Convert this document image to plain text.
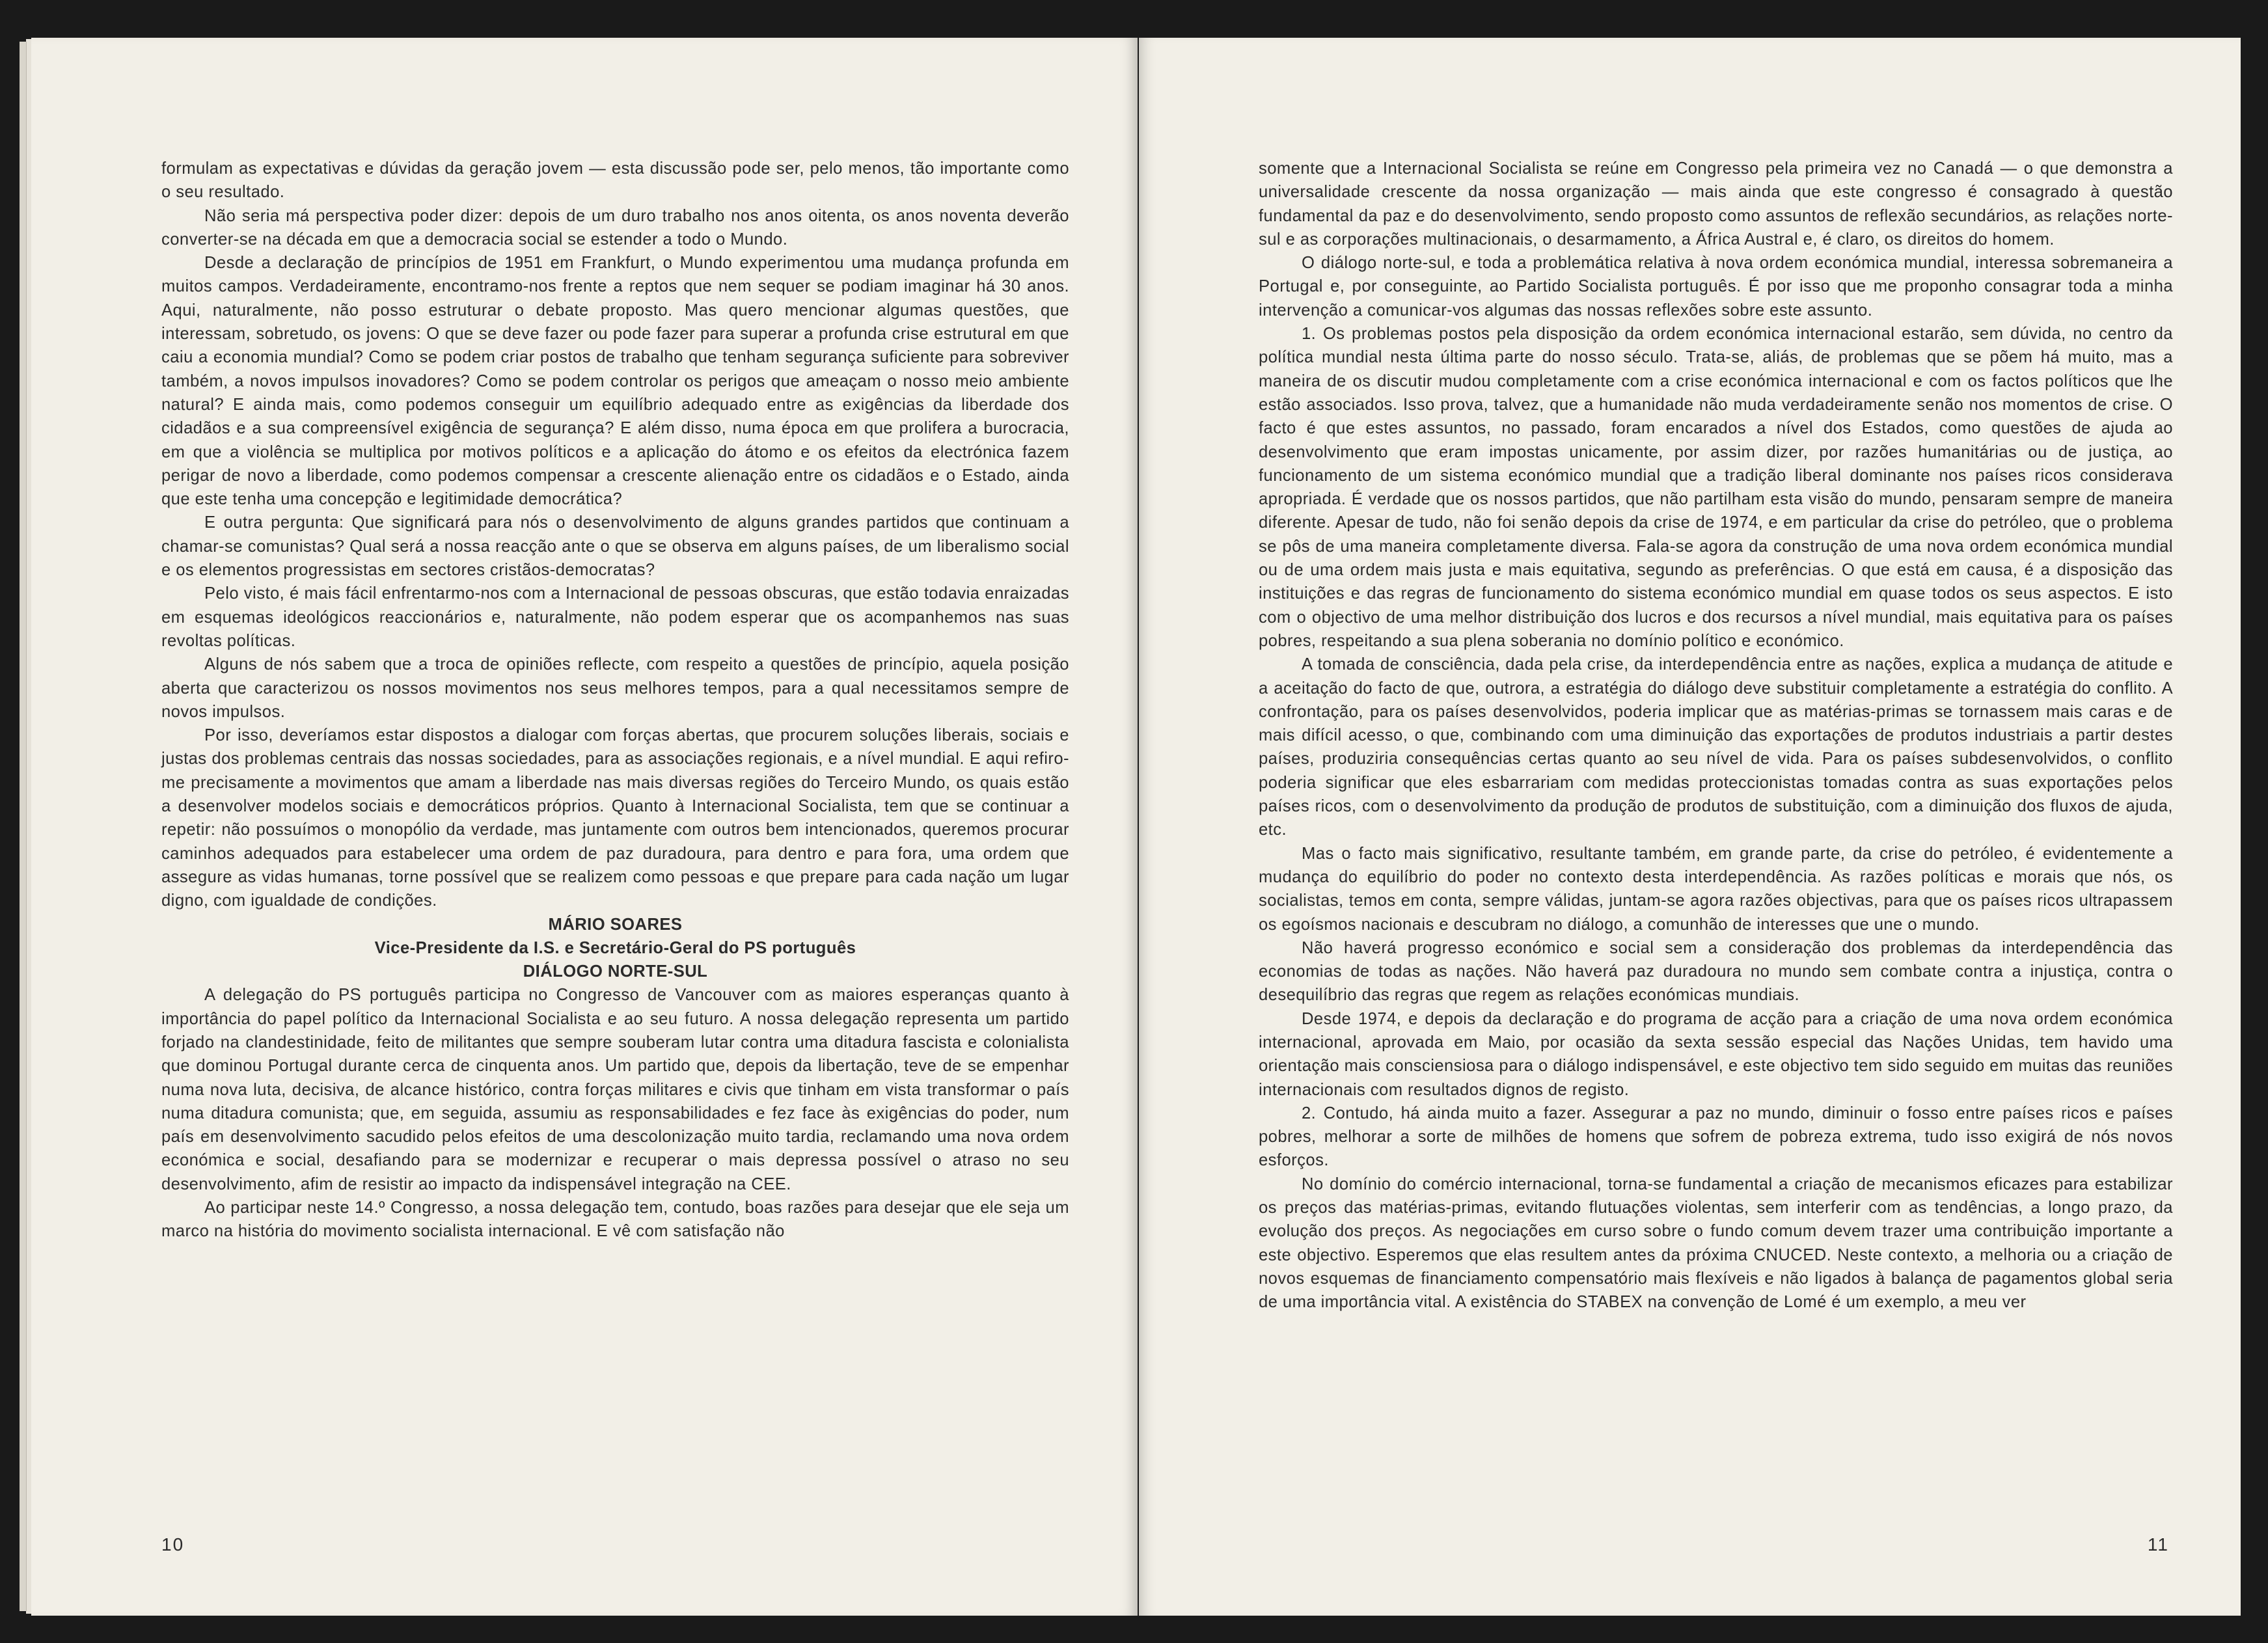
formulam as expectativas e dúvidas da geração jovem — esta discussão pode ser, pelo menos, tão importante como o seu resultado.

Não seria má perspectiva poder dizer: depois de um duro trabalho nos anos oitenta, os anos noventa deverão converter-se na década em que a democracia social se estender a todo o Mundo.

Desde a declaração de princípios de 1951 em Frankfurt, o Mundo experimentou uma mudança profunda em muitos campos. Verdadeiramente, encontramo-nos frente a reptos que nem sequer se podiam imaginar há 30 anos. Aqui, naturalmente, não posso estruturar o debate proposto. Mas quero mencionar algumas questões, que interessam, sobretudo, os jovens: O que se deve fazer ou pode fazer para superar a profunda crise estrutural em que caiu a economia mundial? Como se podem criar postos de trabalho que tenham segurança suficiente para sobreviver também, a novos impulsos inovadores? Como se podem controlar os perigos que ameaçam o nosso meio ambiente natural? E ainda mais, como podemos conseguir um equilíbrio adequado entre as exigências da liberdade dos cidadãos e a sua compreensível exigência de segurança? E além disso, numa época em que prolifera a burocracia, em que a violência se multiplica por motivos políticos e a aplicação do átomo e os efeitos da electrónica fazem perigar de novo a liberdade, como podemos compensar a crescente alienação entre os cidadãos e o Estado, ainda que este tenha uma concepção e legitimidade democrática?

E outra pergunta: Que significará para nós o desenvolvimento de alguns grandes partidos que continuam a chamar-se comunistas? Qual será a nossa reacção ante o que se observa em alguns países, de um liberalismo social e os elementos progressistas em sectores cristãos-democratas?

Pelo visto, é mais fácil enfrentarmo-nos com a Internacional de pessoas obscuras, que estão todavia enraizadas em esquemas ideológicos reaccionários e, naturalmente, não podem esperar que os acompanhemos nas suas revoltas políticas.

Alguns de nós sabem que a troca de opiniões reflecte, com respeito a questões de princípio, aquela posição aberta que caracterizou os nossos movimentos nos seus melhores tempos, para a qual necessitamos sempre de novos impulsos.

Por isso, deveríamos estar dispostos a dialogar com forças abertas, que procurem soluções liberais, sociais e justas dos problemas centrais das nossas sociedades, para as associações regionais, e a nível mundial. E aqui refiro-me precisamente a movimentos que amam a liberdade nas mais diversas regiões do Terceiro Mundo, os quais estão a desenvolver modelos sociais e democráticos próprios. Quanto à Internacional Socialista, tem que se continuar a repetir: não possuímos o monopólio da verdade, mas juntamente com outros bem intencionados, queremos procurar caminhos adequados para estabelecer uma ordem de paz duradoura, para dentro e para fora, uma ordem que assegure as vidas humanas, torne possível que se realizem como pessoas e que prepare para cada nação um lugar digno, com igualdade de condições.

MÁRIO SOARES

Vice-Presidente da I.S. e Secretário-Geral do PS português

DIÁLOGO NORTE-SUL

A delegação do PS português participa no Congresso de Vancouver com as maiores esperanças quanto à importância do papel político da Internacional Socialista e ao seu futuro. A nossa delegação representa um partido forjado na clandestinidade, feito de militantes que sempre souberam lutar contra uma ditadura fascista e colonialista que dominou Portugal durante cerca de cinquenta anos. Um partido que, depois da libertação, teve de se empenhar numa nova luta, decisiva, de alcance histórico, contra forças militares e civis que tinham em vista transformar o país numa ditadura comunista; que, em seguida, assumiu as responsabilidades e fez face às exigências do poder, num país em desenvolvimento sacudido pelos efeitos de uma descolonização muito tardia, reclamando uma nova ordem económica e social, desafiando para se modernizar e recuperar o mais depressa possível o atraso no seu desenvolvimento, afim de resistir ao impacto da indispensável integração na CEE.

Ao participar neste 14.º Congresso, a nossa delegação tem, contudo, boas razões para desejar que ele seja um marco na história do movimento socialista internacional. E vê com satisfação não

10

somente que a Internacional Socialista se reúne em Congresso pela primeira vez no Canadá — o que demonstra a universalidade crescente da nossa organização — mais ainda que este congresso é consagrado à questão fundamental da paz e do desenvolvimento, sendo proposto como assuntos de reflexão secundários, as relações norte-sul e as corporações multinacionais, o desarmamento, a África Austral e, é claro, os direitos do homem.

O diálogo norte-sul, e toda a problemática relativa à nova ordem económica mundial, interessa sobremaneira a Portugal e, por conseguinte, ao Partido Socialista português. É por isso que me proponho consagrar toda a minha intervenção a comunicar-vos algumas das nossas reflexões sobre este assunto.

1. Os problemas postos pela disposição da ordem económica internacional estarão, sem dúvida, no centro da política mundial nesta última parte do nosso século. Trata-se, aliás, de problemas que se põem há muito, mas a maneira de os discutir mudou completamente com a crise económica internacional e com os factos políticos que lhe estão associados. Isso prova, talvez, que a humanidade não muda verdadeiramente senão nos momentos de crise. O facto é que estes assuntos, no passado, foram encarados a nível dos Estados, como questões de ajuda ao desenvolvimento que eram impostas unicamente, por assim dizer, por razões humanitárias ou de justiça, ao funcionamento de um sistema económico mundial que a tradição liberal dominante nos países ricos considerava apropriada. É verdade que os nossos partidos, que não partilham esta visão do mundo, pensaram sempre de maneira diferente. Apesar de tudo, não foi senão depois da crise de 1974, e em particular da crise do petróleo, que o problema se pôs de uma maneira completamente diversa. Fala-se agora da construção de uma nova ordem económica mundial ou de uma ordem mais justa e mais equitativa, segundo as preferências. O que está em causa, é a disposição das instituições e das regras de funcionamento do sistema económico mundial em quase todos os seus aspectos. E isto com o objectivo de uma melhor distribuição dos lucros e dos recursos a nível mundial, mais equitativa para os países pobres, respeitando a sua plena soberania no domínio político e económico.

A tomada de consciência, dada pela crise, da interdependência entre as nações, explica a mudança de atitude e a aceitação do facto de que, outrora, a estratégia do diálogo deve substituir completamente a estratégia do conflito. A confrontação, para os países desenvolvidos, poderia implicar que as matérias-primas se tornassem mais caras e de mais difícil acesso, o que, combinando com uma diminuição das exportações de produtos industriais a partir destes países, produziria consequências certas quanto ao seu nível de vida. Para os países subdesenvolvidos, o conflito poderia significar que eles esbarrariam com medidas proteccionistas tomadas contra as suas exportações pelos países ricos, com o desenvolvimento da produção de produtos de substituição, com a diminuição dos fluxos de ajuda, etc.

Mas o facto mais significativo, resultante também, em grande parte, da crise do petróleo, é evidentemente a mudança do equilíbrio do poder no contexto desta interdependência. As razões políticas e morais que nós, os socialistas, temos em conta, sempre válidas, juntam-se agora razões objectivas, para que os países ricos ultrapassem os egoísmos nacionais e descubram no diálogo, a comunhão de interesses que une o mundo.

Não haverá progresso económico e social sem a consideração dos problemas da interdependência das economias de todas as nações. Não haverá paz duradoura no mundo sem combate contra a injustiça, contra o desequilíbrio das regras que regem as relações económicas mundiais.

Desde 1974, e depois da declaração e do programa de acção para a criação de uma nova ordem económica internacional, aprovada em Maio, por ocasião da sexta sessão especial das Nações Unidas, tem havido uma orientação mais consciensiosa para o diálogo indispensável, e este objectivo tem sido seguido em muitas das reuniões internacionais com resultados dignos de registo.

2. Contudo, há ainda muito a fazer. Assegurar a paz no mundo, diminuir o fosso entre países ricos e países pobres, melhorar a sorte de milhões de homens que sofrem de pobreza extrema, tudo isso exigirá de nós novos esforços.

No domínio do comércio internacional, torna-se fundamental a criação de mecanismos eficazes para estabilizar os preços das matérias-primas, evitando flutuações violentas, sem interferir com as tendências, a longo prazo, da evolução dos preços. As negociações em curso sobre o fundo comum devem trazer uma contribuição importante a este objectivo. Esperemos que elas resultem antes da próxima CNUCED. Neste contexto, a melhoria ou a criação de novos esquemas de financiamento compensatório mais flexíveis e não ligados à balança de pagamentos global seria de uma importância vital. A existência do STABEX na convenção de Lomé é um exemplo, a meu ver

11
